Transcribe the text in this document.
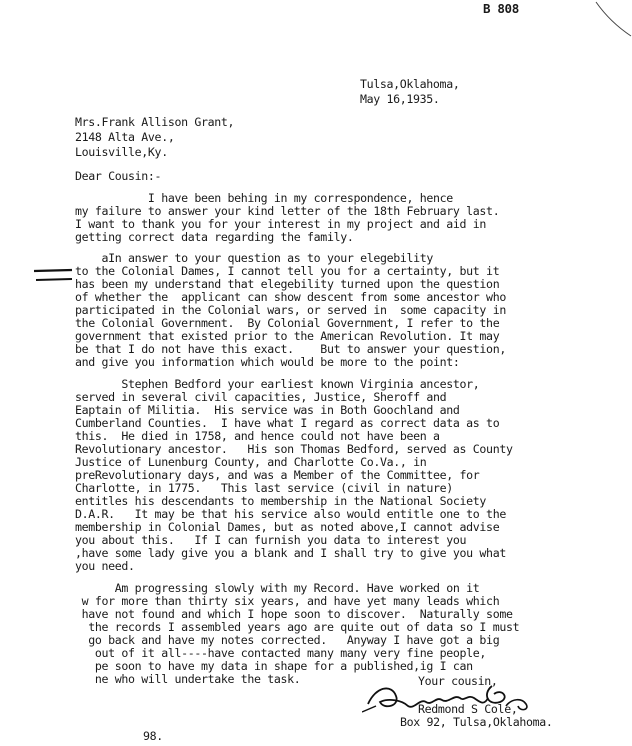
B 808
Tulsa,Oklahoma,
May 16,1935.
Mrs.Frank Allison Grant,
2148 Alta Ave.,
Louisville,Ky.
Dear Cousin:-
I have been behing in my correspondence, hence
my failure to answer your kind letter of the 18th February last.
I want to thank you for your interest in my project and aid in
getting correct data regarding the family.
aIn answer to your question as to your elegebility
to the Colonial Dames, I cannot tell you for a certainty, but it
has been my understand that elegebility turned upon the question
of whether the  applicant can show descent from some ancestor who
participated in the Colonial wars, or served in  some capacity in
the Colonial Government.  By Colonial Government, I refer to the
government that existed prior to the American Revolution. It may
be that I do not have this exact.    But to answer your question,
and give you information which would be more to the point:
Stephen Bedford your earliest known Virginia ancestor,
served in several civil capacities, Justice, Sheroff and
Eaptain of Militia.  His service was in Both Goochland and
Cumberland Counties.  I have what I regard as correct data as to
this.  He died in 1758, and hence could not have been a
Revolutionary ancestor.   His son Thomas Bedford, served as County
Justice of Lunenburg County, and Charlotte Co.Va., in
preRevolutionary days, and was a Member of the Committee, for
Charlotte, in 1775.   This last service (civil in nature)
entitles his descendants to membership in the National Society
D.A.R.   It may be that his service also would entitle one to the
membership in Colonial Dames, but as noted above,I cannot advise
you about this.   If I can furnish you data to interest you
,have some lady give you a blank and I shall try to give you what
you need.
Am progressing slowly with my Record. Have worked on it
w for more than thirty six years, and have yet many leads which
have not found and which I hope soon to discover.  Naturally some
the records I assembled years ago are quite out of data so I must
go back and have my notes corrected.   Anyway I have got a big
out of it all----have contacted many many very fine people,
pe soon to have my data in shape for a published,ig I can
ne who will undertake the task.	Your cousin,
Redmond S Cole,
Box 92, Tulsa,Oklahoma.
98.
